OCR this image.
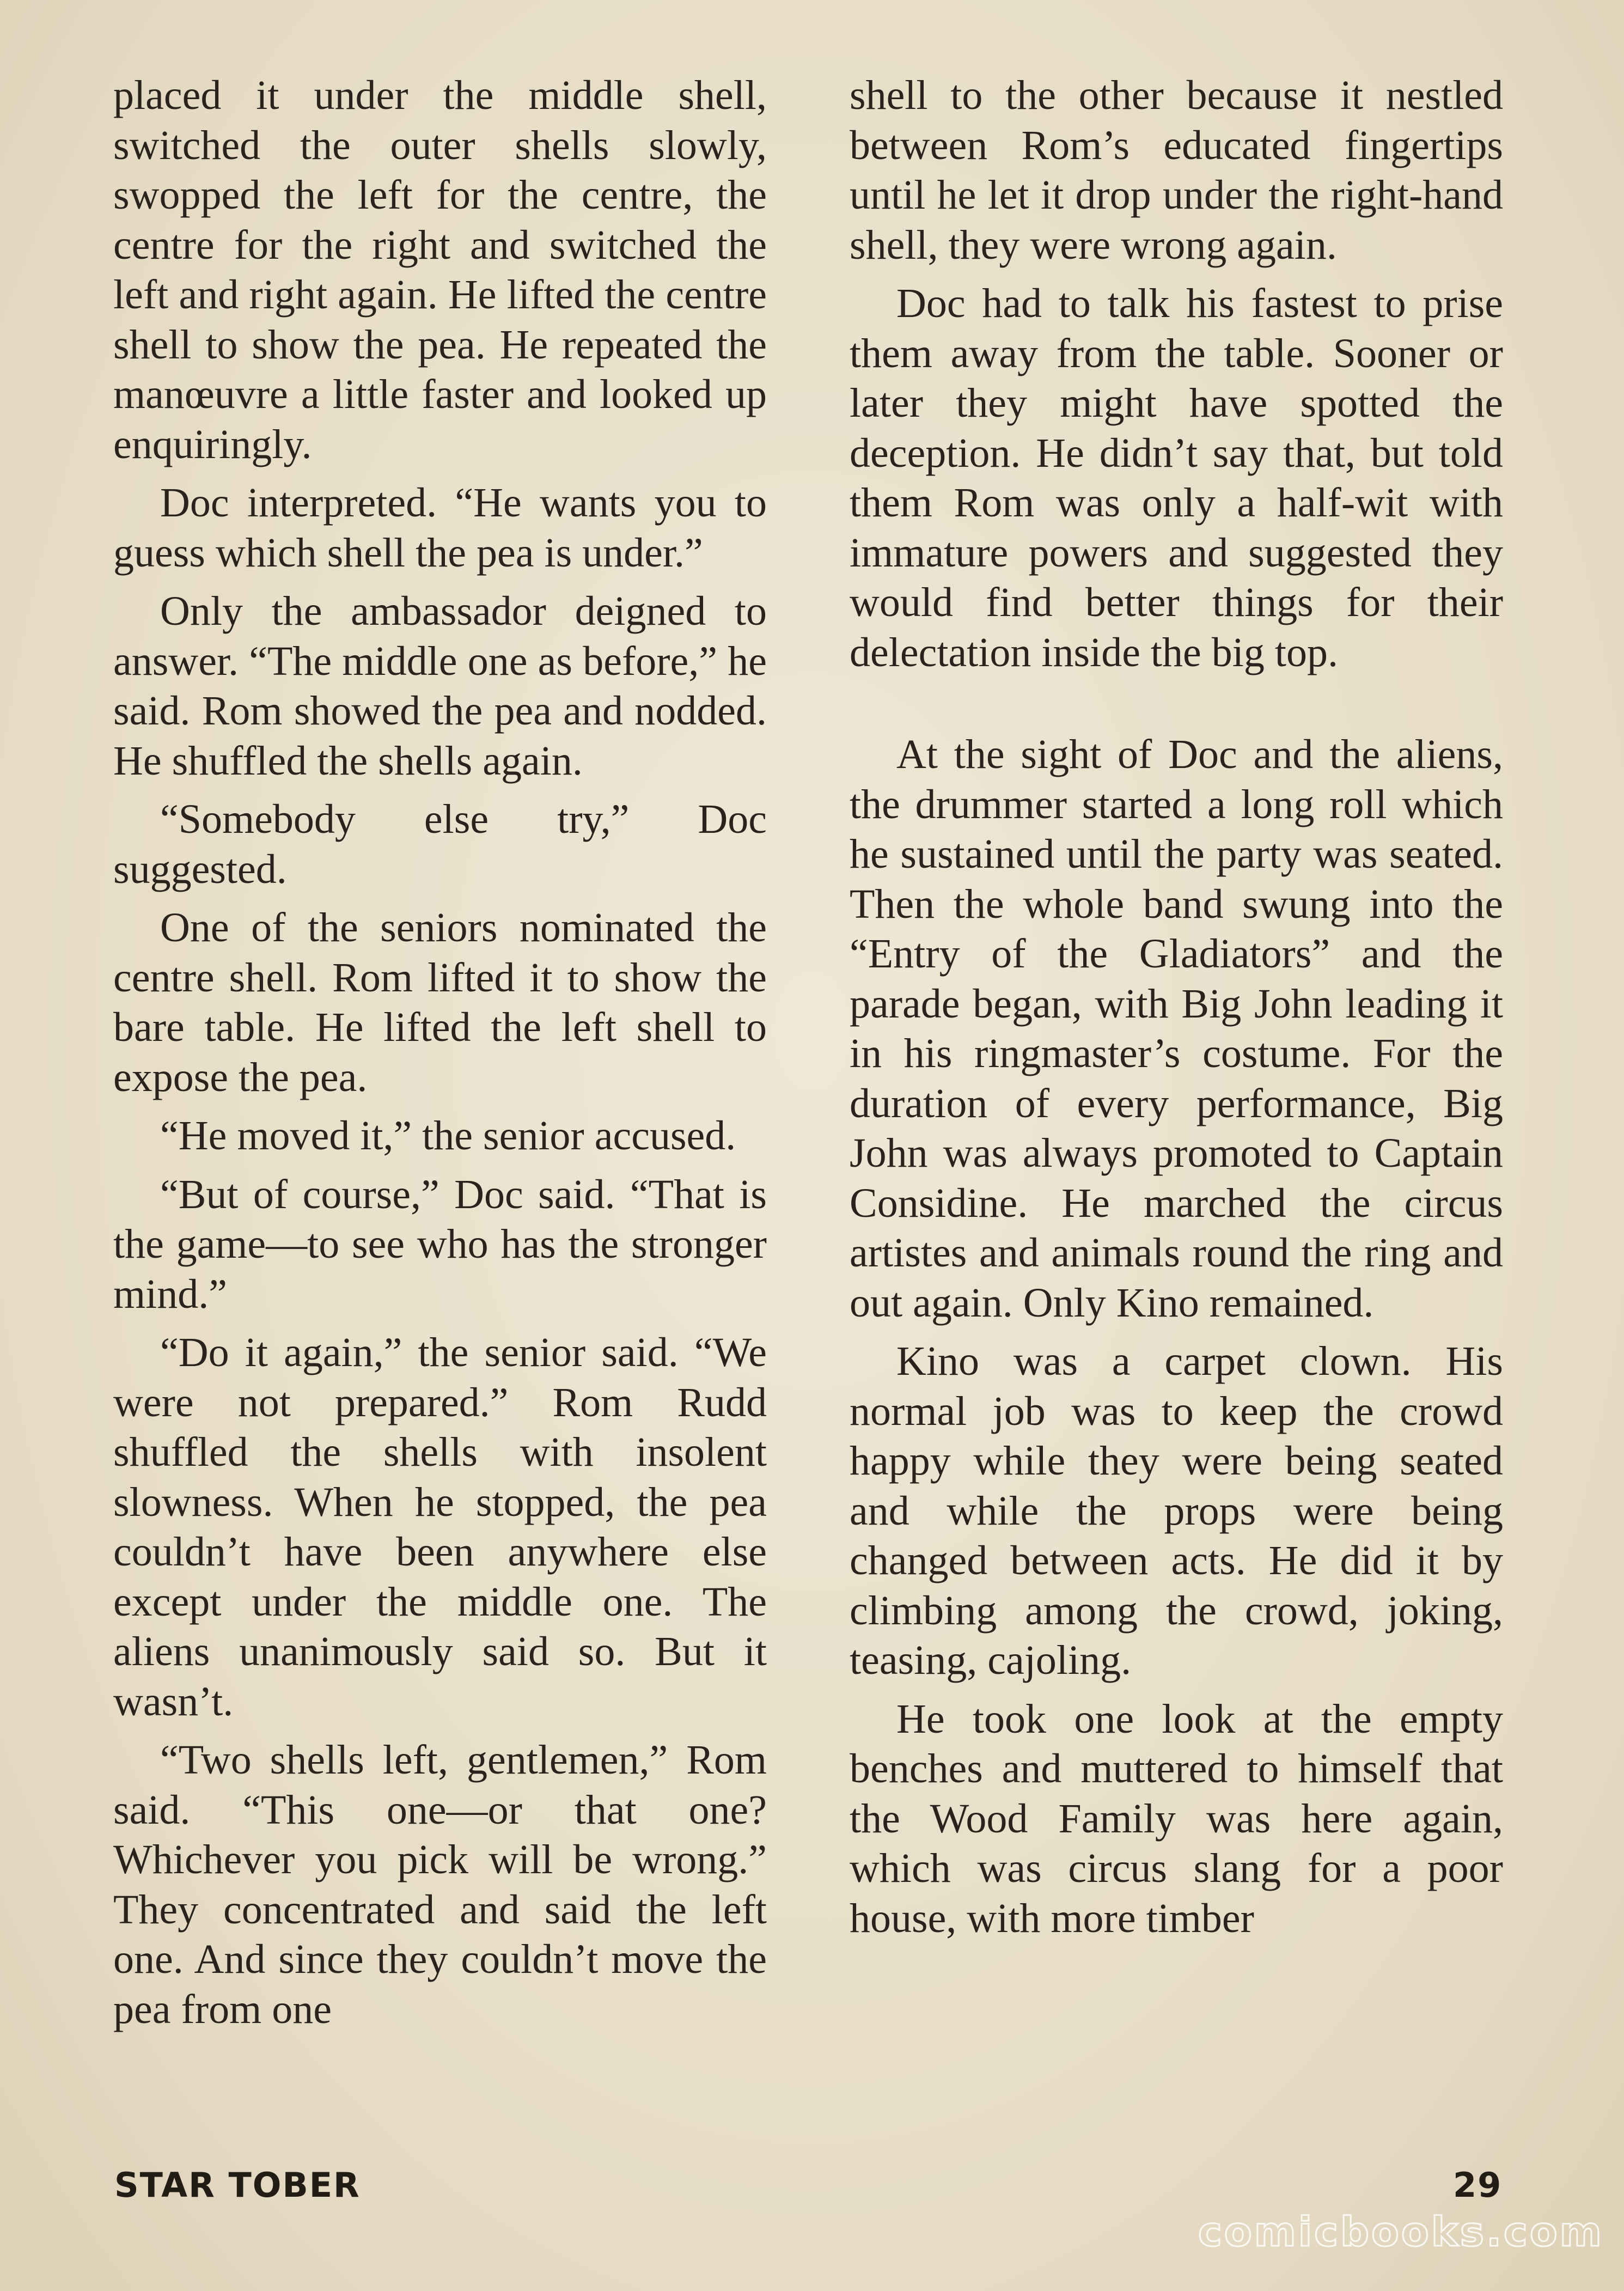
placed it under the middle shell, switched the outer shells slowly, swopped the left for the centre, the centre for the right and switched the left and right again. He lifted the centre shell to show the pea. He repeated the manœuvre a little faster and looked up enquiringly.

Doc interpreted. “He wants you to guess which shell the pea is under.”

Only the ambassador deigned to answer. “The middle one as before,” he said. Rom showed the pea and nodded. He shuffled the shells again.

“Somebody else try,” Doc suggested.

One of the seniors nominated the centre shell. Rom lifted it to show the bare table. He lifted the left shell to expose the pea.

“He moved it,” the senior accused.

“But of course,” Doc said. “That is the game—to see who has the stronger mind.”

“Do it again,” the senior said. “We were not prepared.” Rom Rudd shuffled the shells with insolent slowness. When he stopped, the pea couldn’t have been anywhere else except under the middle one. The aliens unanimously said so. But it wasn’t.

“Two shells left, gentlemen,” Rom said. “This one—or that one? Whichever you pick will be wrong.” They concentrated and said the left one. And since they couldn’t move the pea from one

shell to the other because it nestled between Rom’s educated fingertips until he let it drop under the right-hand shell, they were wrong again.

Doc had to talk his fastest to prise them away from the table. Sooner or later they might have spotted the deception. He didn’t say that, but told them Rom was only a half-wit with immature powers and suggested they would find better things for their delectation inside the big top.

At the sight of Doc and the aliens, the drummer started a long roll which he sustained until the party was seated. Then the whole band swung into the “Entry of the Gladiators” and the parade began, with Big John leading it in his ringmaster’s costume. For the duration of every performance, Big John was always promoted to Captain Considine. He marched the circus artistes and animals round the ring and out again. Only Kino remained.

Kino was a carpet clown. His normal job was to keep the crowd happy while they were being seated and while the props were being changed between acts. He did it by climbing among the crowd, joking, teasing, cajoling.

He took one look at the empty benches and muttered to himself that the Wood Family was here again, which was circus slang for a poor house, with more timber

STAR TOBER	29
comicbooks.com
